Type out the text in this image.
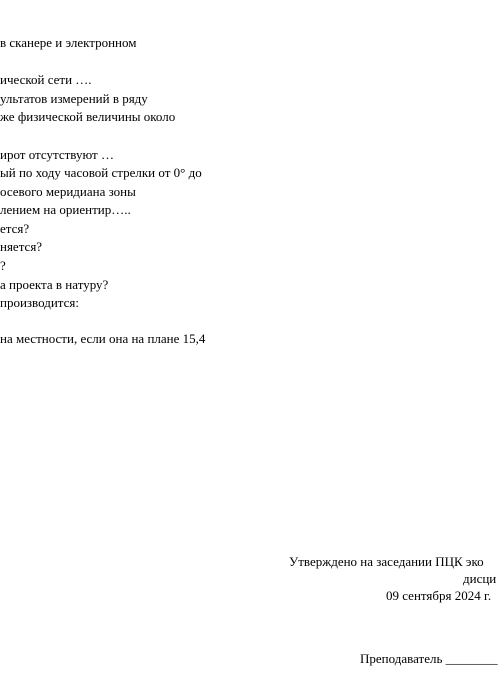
в сканере и электронном
ической сети ….
ультатов измерений в ряду
же физической величины около
ирот отсутствуют …
ый по ходу часовой стрелки от 0° до
осевого меридиана зоны
лением на ориентир…..
ется?
няется?
?
а проекта в натуру?
производится:
на местности, если она на плане 15,4
Утверждено на заседании ПЦК эко
дисци
09 сентября 2024 г.
Преподаватель ________
